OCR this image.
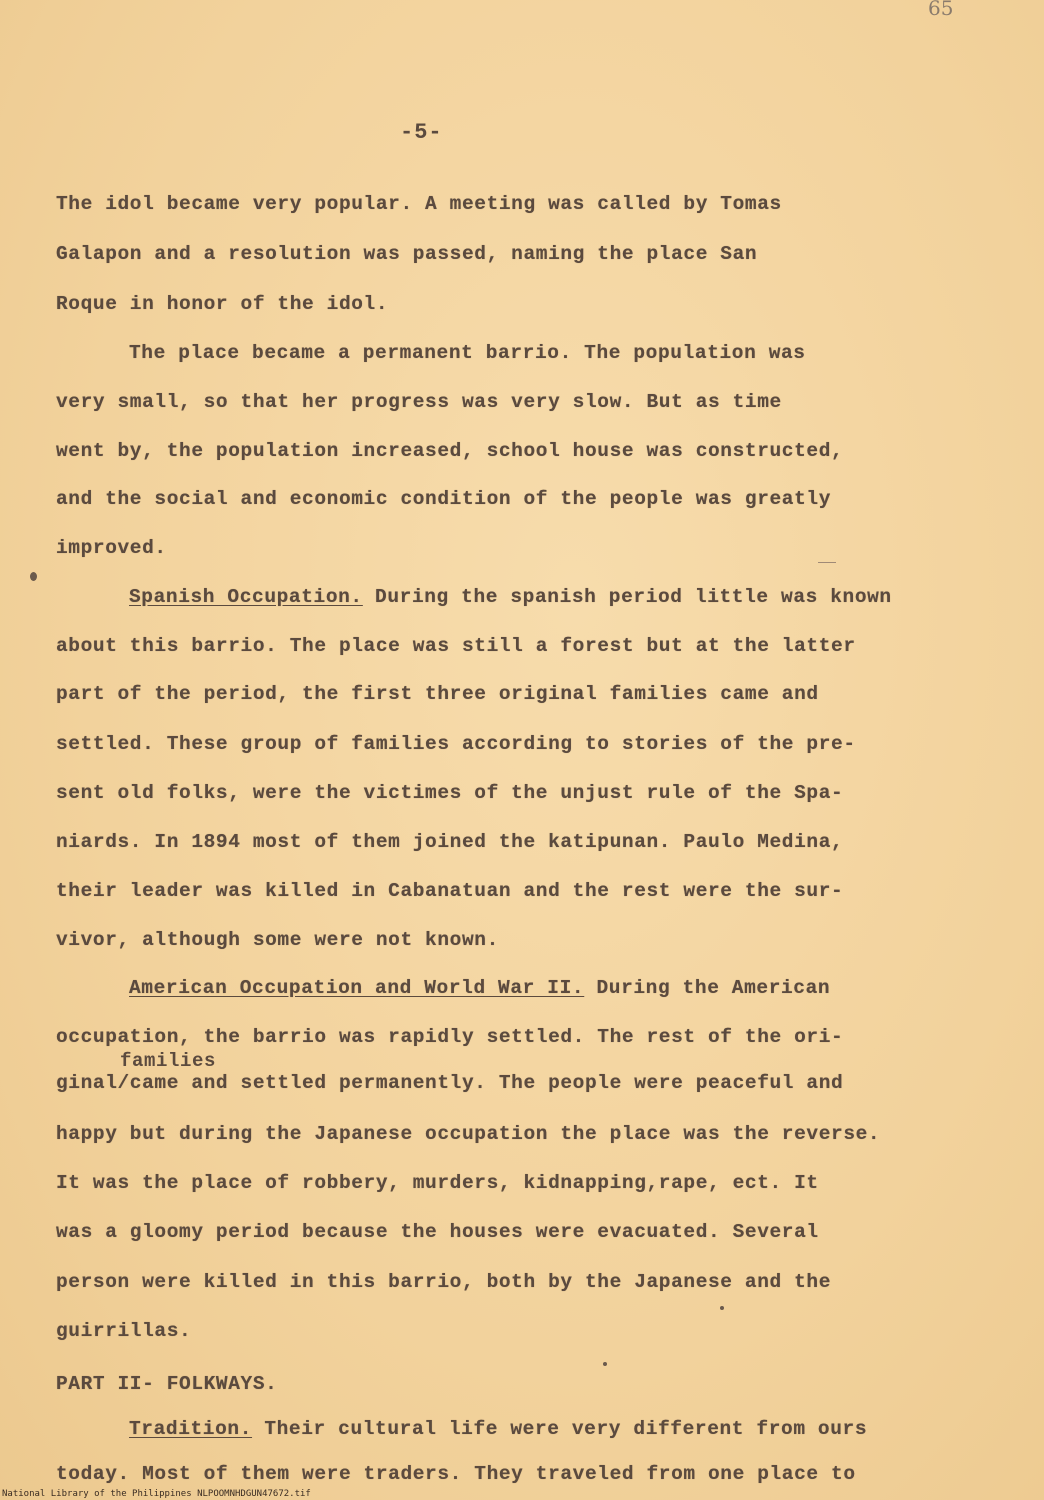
65
-5-
The idol became very popular. A meeting was called by Tomas
Galapon and a resolution was passed, naming the place San
Roque in honor of the idol.
The place became a permanent barrio. The population was
very small, so that her progress was very slow. But as time
went by, the population increased, school house was constructed,
and the social and economic condition of the people was greatly
improved.
Spanish Occupation. During the spanish period little was known
about this barrio. The place was still a forest but at the latter
part of the period, the first three original families came and
settled. These group of families according to stories of the pre-
sent old folks, were the victimes of the unjust rule of the Spa-
niards. In 1894 most of them joined the katipunan. Paulo Medina,
their leader was killed in Cabanatuan and the rest were the sur-
vivor, although some were not known.
American Occupation and World War II. During the American
occupation, the barrio was rapidly settled. The rest of the ori-
families
ginal/came and settled permanently. The people were peaceful and
happy but during the Japanese occupation the place was the reverse.
It was the place of robbery, murders, kidnapping,rape, ect. It
was a gloomy period because the houses were evacuated. Several
person were killed in this barrio, both by the Japanese and the
guirrillas.
PART II- FOLKWAYS.
Tradition. Their cultural life were very different from ours
today. Most of them were traders. They traveled from one place to
National Library of the Philippines NLPOOMNHDGUN47672.tif
